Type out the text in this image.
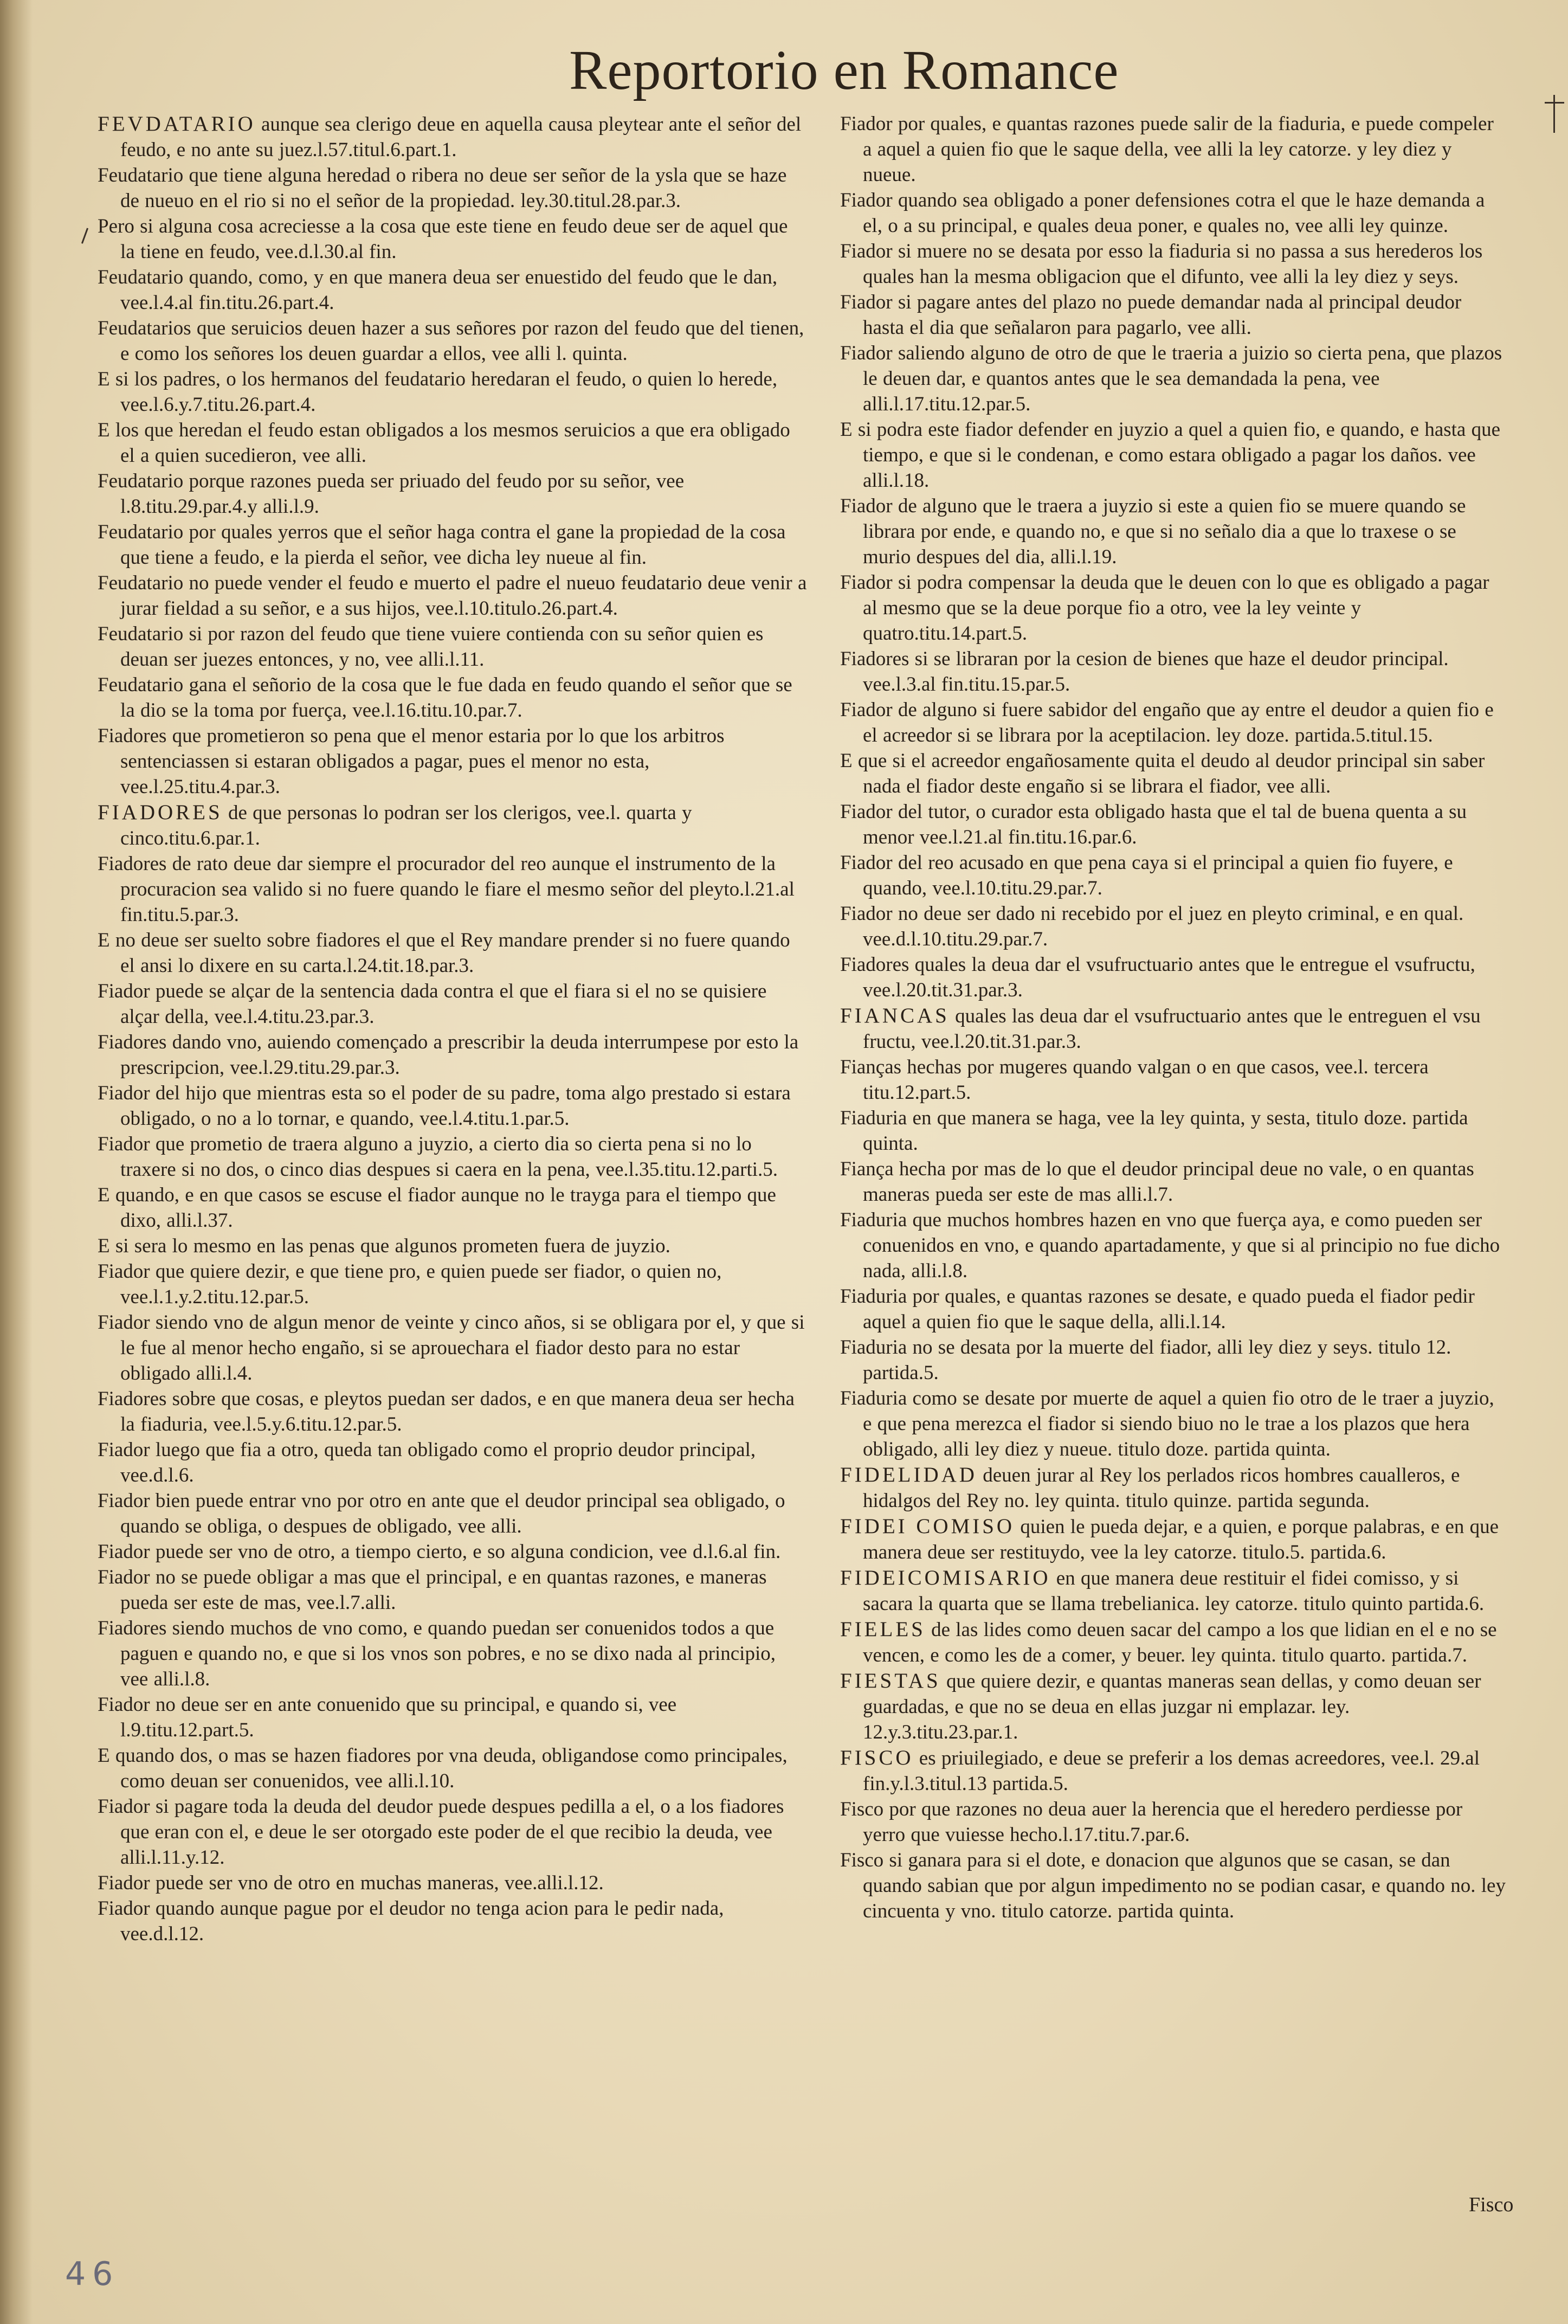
Reportorio en Romance

FEVDATARIO aunque sea clerigo deue en aquella causa pleytear ante el señor del feudo, e no ante su juez.l.57.titul.6.part.1.

Feudatario que tiene alguna heredad o ribera no deue ser señor de la ysla que se haze de nueuo en el rio si no el señor de la propiedad. ley.30.titul.28.par.3.

Pero si alguna cosa acreciesse a la cosa que este tiene en feudo deue ser de aquel que la tiene en feudo, vee.d.l.30.al fin.

Feudatario quando, como, y en que manera deua ser enuestido del feudo que le dan, vee.l.4.al fin.titu.26.part.4.

Feudatarios que seruicios deuen hazer a sus señores por razon del feudo que del tienen, e como los señores los deuen guardar a ellos, vee alli l. quinta.

E si los padres, o los hermanos del feudatario heredaran el feudo, o quien lo herede, vee.l.6.y.7.titu.26.part.4.

E los que heredan el feudo estan obligados a los mesmos seruicios a que era obligado el a quien sucedieron, vee alli.

Feudatario porque razones pueda ser priuado del feudo por su señor, vee l.8.titu.29.par.4.y alli.l.9.

Feudatario por quales yerros que el señor haga contra el gane la propiedad de la cosa que tiene a feudo, e la pierda el señor, vee dicha ley nueue al fin.

Feudatario no puede vender el feudo e muerto el padre el nueuo feudatario deue venir a jurar fieldad a su señor, e a sus hijos, vee.l.10.titulo.26.part.4.

Feudatario si por razon del feudo que tiene vuiere contienda con su señor quien es deuan ser juezes entonces, y no, vee alli.l.11.

Feudatario gana el señorio de la cosa que le fue dada en feudo quando el señor que se la dio se la toma por fuerça, vee.l.16.titu.10.par.7.

Fiadores que prometieron so pena que el menor estaria por lo que los arbitros sentenciassen si estaran obligados a pagar, pues el menor no esta, vee.l.25.titu.4.par.3.

FIADORES de que personas lo podran ser los clerigos, vee.l. quarta y cinco.titu.6.par.1.

Fiadores de rato deue dar siempre el procurador del reo aunque el instrumento de la procuracion sea valido si no fuere quando le fiare el mesmo señor del pleyto.l.21.al fin.titu.5.par.3.

E no deue ser suelto sobre fiadores el que el Rey mandare prender si no fuere quando el ansi lo dixere en su carta.l.24.tit.18.par.3.

Fiador puede se alçar de la sentencia dada contra el que el fiara si el no se quisiere alçar della, vee.l.4.titu.23.par.3.

Fiadores dando vno, auiendo començado a prescribir la deuda interrumpese por esto la prescripcion, vee.l.29.titu.29.par.3.

Fiador del hijo que mientras esta so el poder de su padre, toma algo prestado si estara obligado, o no a lo tornar, e quando, vee.l.4.titu.1.par.5.

Fiador que prometio de traera alguno a juyzio, a cierto dia so cierta pena si no lo traxere si no dos, o cinco dias despues si caera en la pena, vee.l.35.titu.12.parti.5.

E quando, e en que casos se escuse el fiador aunque no le trayga para el tiempo que dixo, alli.l.37.

E si sera lo mesmo en las penas que algunos prometen fuera de juyzio.

Fiador que quiere dezir, e que tiene pro, e quien puede ser fiador, o quien no, vee.l.1.y.2.titu.12.par.5.

Fiador siendo vno de algun menor de veinte y cinco años, si se obligara por el, y que si le fue al menor hecho engaño, si se aprouechara el fiador desto para no estar obligado alli.l.4.

Fiadores sobre que cosas, e pleytos puedan ser dados, e en que manera deua ser hecha la fiaduria, vee.l.5.y.6.titu.12.par.5.

Fiador luego que fia a otro, queda tan obligado como el proprio deudor principal, vee.d.l.6.

Fiador bien puede entrar vno por otro en ante que el deudor principal sea obligado, o quando se obliga, o despues de obligado, vee alli.

Fiador puede ser vno de otro, a tiempo cierto, e so alguna condicion, vee d.l.6.al fin.

Fiador no se puede obligar a mas que el principal, e en quantas razones, e maneras pueda ser este de mas, vee.l.7.alli.

Fiadores siendo muchos de vno como, e quando puedan ser conuenidos todos a que paguen e quando no, e que si los vnos son pobres, e no se dixo nada al principio, vee alli.l.8.

Fiador no deue ser en ante conuenido que su principal, e quando si, vee l.9.titu.12.part.5.

E quando dos, o mas se hazen fiadores por vna deuda, obligandose como principales, como deuan ser conuenidos, vee alli.l.10.

Fiador si pagare toda la deuda del deudor puede despues pedilla a el, o a los fiadores que eran con el, e deue le ser otorgado este poder de el que recibio la deuda, vee alli.l.11.y.12.

Fiador puede ser vno de otro en muchas maneras, vee.alli.l.12.

Fiador quando aunque pague por el deudor no tenga acion para le pedir nada, vee.d.l.12.

Fiador por quales, e quantas razones puede salir de la fiaduria, e puede compeler a aquel a quien fio que le saque della, vee alli la ley catorze. y ley diez y nueue.

Fiador quando sea obligado a poner defensiones cotra el que le haze demanda a el, o a su principal, e quales deua poner, e quales no, vee alli ley quinze.

Fiador si muere no se desata por esso la fiaduria si no passa a sus herederos los quales han la mesma obligacion que el difunto, vee alli la ley diez y seys.

Fiador si pagare antes del plazo no puede demandar nada al principal deudor hasta el dia que señalaron para pagarlo, vee alli.

Fiador saliendo alguno de otro de que le traeria a juizio so cierta pena, que plazos le deuen dar, e quantos antes que le sea demandada la pena, vee alli.l.17.titu.12.par.5.

E si podra este fiador defender en juyzio a quel a quien fio, e quando, e hasta que tiempo, e que si le condenan, e como estara obligado a pagar los daños. vee alli.l.18.

Fiador de alguno que le traera a juyzio si este a quien fio se muere quando se librara por ende, e quando no, e que si no señalo dia a que lo traxese o se murio despues del dia, alli.l.19.

Fiador si podra compensar la deuda que le deuen con lo que es obligado a pagar al mesmo que se la deue porque fio a otro, vee la ley veinte y quatro.titu.14.part.5.

Fiadores si se libraran por la cesion de bienes que haze el deudor principal. vee.l.3.al fin.titu.15.par.5.

Fiador de alguno si fuere sabidor del engaño que ay entre el deudor a quien fio e el acreedor si se librara por la aceptilacion. ley doze. partida.5.titul.15.

E que si el acreedor engañosamente quita el deudo al deudor principal sin saber nada el fiador deste engaño si se librara el fiador, vee alli.

Fiador del tutor, o curador esta obligado hasta que el tal de buena quenta a su menor vee.l.21.al fin.titu.16.par.6.

Fiador del reo acusado en que pena caya si el principal a quien fio fuyere, e quando, vee.l.10.titu.29.par.7.

Fiador no deue ser dado ni recebido por el juez en pleyto criminal, e en qual. vee.d.l.10.titu.29.par.7.

Fiadores quales la deua dar el vsufructuario antes que le entregue el vsufructu, vee.l.20.tit.31.par.3.

FIANCAS quales las deua dar el vsufructuario antes que le entreguen el vsu fructu, vee.l.20.tit.31.par.3.

Fianças hechas por mugeres quando valgan o en que casos, vee.l. tercera titu.12.part.5.

Fiaduria en que manera se haga, vee la ley quinta, y sesta, titulo doze. partida quinta.

Fiança hecha por mas de lo que el deudor principal deue no vale, o en quantas maneras pueda ser este de mas alli.l.7.

Fiaduria que muchos hombres hazen en vno que fuerça aya, e como pueden ser conuenidos en vno, e quando apartadamente, y que si al principio no fue dicho nada, alli.l.8.

Fiaduria por quales, e quantas razones se desate, e quado pueda el fiador pedir aquel a quien fio que le saque della, alli.l.14.

Fiaduria no se desata por la muerte del fiador, alli ley diez y seys. titulo 12. partida.5.

Fiaduria como se desate por muerte de aquel a quien fio otro de le traer a juyzio, e que pena merezca el fiador si siendo biuo no le trae a los plazos que hera obligado, alli ley diez y nueue. titulo doze. partida quinta.

FIDELIDAD deuen jurar al Rey los perlados ricos hombres caualleros, e hidalgos del Rey no. ley quinta. titulo quinze. partida segunda.

FIDEI COMISO quien le pueda dejar, e a quien, e porque palabras, e en que manera deue ser restituydo, vee la ley catorze. titulo.5. partida.6.

FIDEICOMISARIO en que manera deue restituir el fidei comisso, y si sacara la quarta que se llama trebelianica. ley catorze. titulo quinto partida.6.

FIELES de las lides como deuen sacar del campo a los que lidian en el e no se vencen, e como les de a comer, y beuer. ley quinta. titulo quarto. partida.7.

FIESTAS que quiere dezir, e quantas maneras sean dellas, y como deuan ser guardadas, e que no se deua en ellas juzgar ni emplazar. ley. 12.y.3.titu.23.par.1.

FISCO es priuilegiado, e deue se preferir a los demas acreedores, vee.l. 29.al fin.y.l.3.titul.13 partida.5.

Fisco por que razones no deua auer la herencia que el heredero perdiesse por yerro que vuiesse hecho.l.17.titu.7.par.6.

Fisco si ganara para si el dote, e donacion que algunos que se casan, se dan quando sabian que por algun impedimento no se podian casar, e quando no. ley cincuenta y vno. titulo catorze. partida quinta.

Fisco
46
